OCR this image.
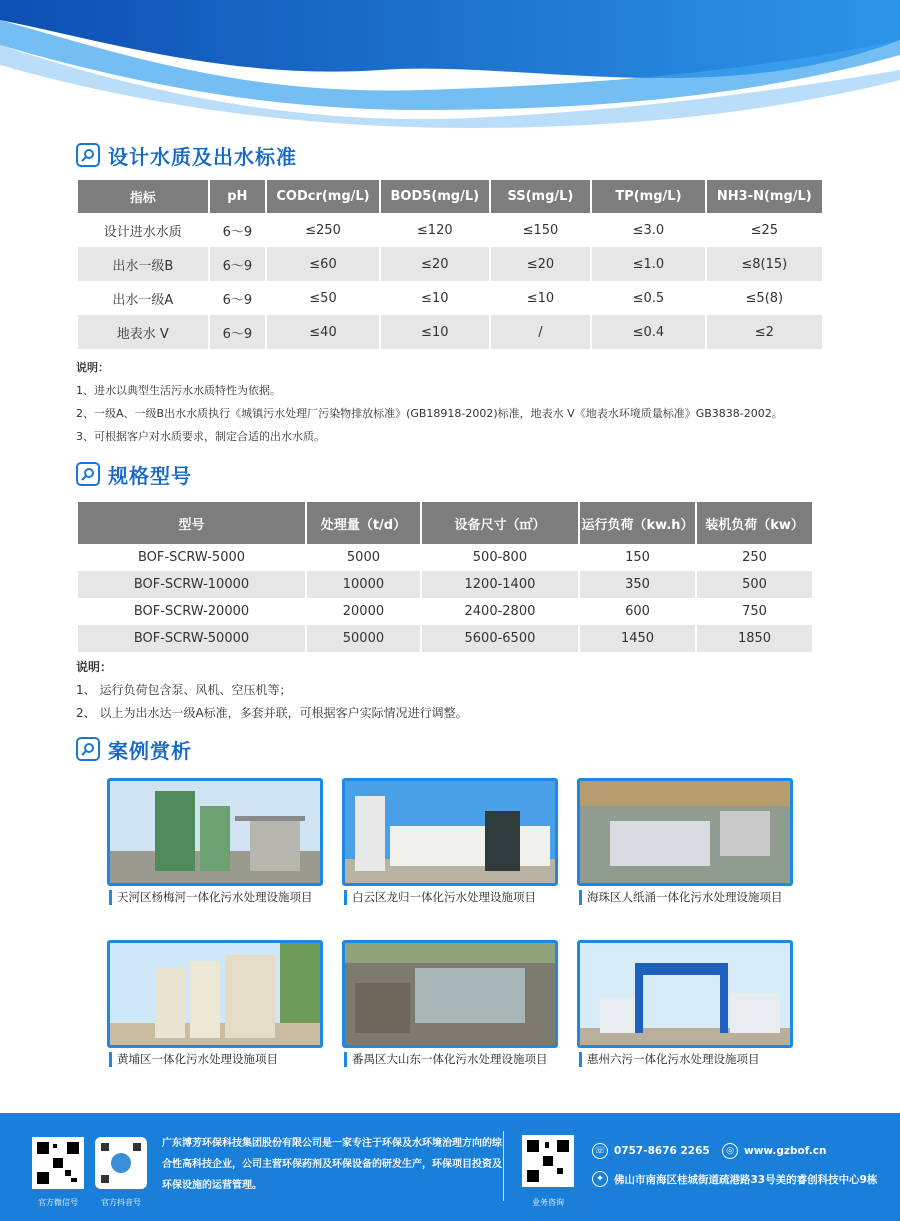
设计水质及出水标准
指标	pH	CODcr(mg/L)	BOD5(mg/L)	SS(mg/L)	TP(mg/L)	NH3-N(mg/L)
设计进水水质	6～9	≤250	≤120	≤150	≤3.0	≤25
出水一级B	6～9	≤60	≤20	≤20	≤1.0	≤8(15)
出水一级A	6～9	≤50	≤10	≤10	≤0.5	≤5(8)
地表水 V	6～9	≤40	≤10	/	≤0.4	≤2
说明：
1、进水以典型生活污水水质特性为依据。
2、一级A、一级B出水水质执行《城镇污水处理厂污染物排放标准》(GB18918-2002)标准，地表水 V《地表水环境质量标准》GB3838-2002。
3、可根据客户对水质要求，制定合适的出水水质。
规格型号
型号	处理量（t/d）	设备尺寸（㎡）	运行负荷（kw.h）	装机负荷（kw）
BOF-SCRW-5000	5000	500-800	150	250
BOF-SCRW-10000	10000	1200-1400	350	500
BOF-SCRW-20000	20000	2400-2800	600	750
BOF-SCRW-50000	50000	5600-6500	1450	1850
说明：
1、 运行负荷包含泵、风机、空压机等；
2、 以上为出水达一级A标准，多套并联，可根据客户实际情况进行调整。
案例赏析
天河区杨梅河一体化污水处理设施项目	白云区龙归一体化污水处理设施项目	海珠区人纸涌一体化污水处理设施项目
黄埔区一体化污水处理设施项目	番禺区大山东一体化污水处理设施项目	惠州六污一体化污水处理设施项目
官方微信号	官方抖音号
广东博芳环保科技集团股份有限公司是一家专注于环保及水环境治理方向的综合性高科技企业，公司主营环保药剂及环保设备的研发生产，环保项目投资及环保设施的运营管理。
业务咨询
☏ 0757-8676 2265	◎ www.gzbof.cn
⌖	佛山市南海区桂城街道疏港路33号美的睿创科技中心9栋
